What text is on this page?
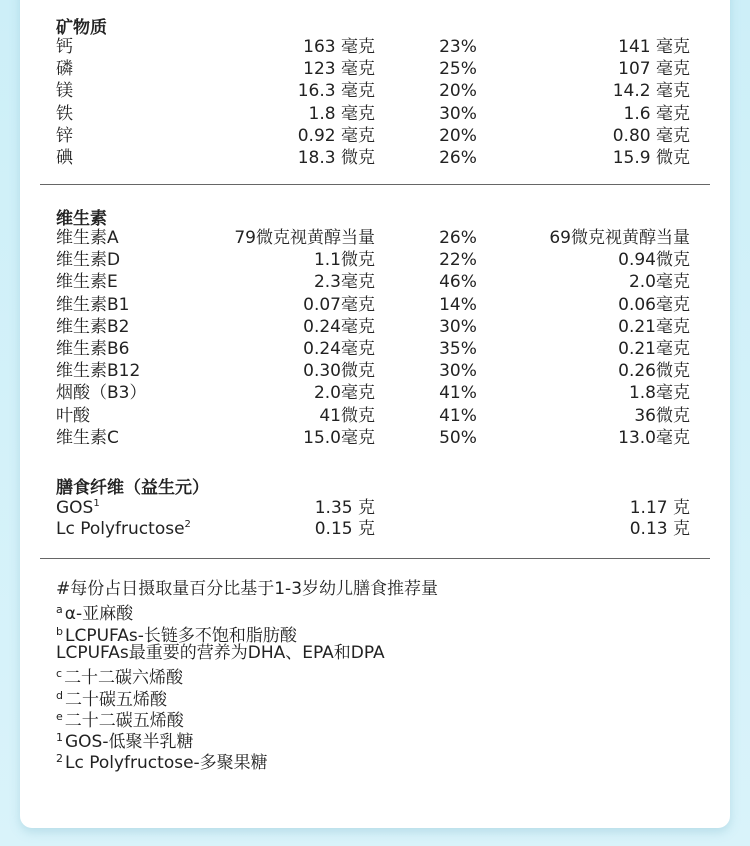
矿物质
维生素
膳食纤维（益生元）
#每份占日摄取量百分比基于1-3岁幼儿膳食推荐量
$^a$ α-亚麻酸
$^b$ LCPUFAs-长链多不饱和脂肪酸
LCPUFAs最重要的营养为DHA、EPA和DPA
$^c$ 二十二碳六烯酸
$^d$ 二十碳五烯酸
$^e$ 二十二碳五烯酸
$^1$ GOS-低聚半乳糖
$^2$ Lc Polyfructose-多聚果糖
钙	163 毫克	23%	141 毫克
磷	123 毫克	25%	107 毫克
镁	16.3 毫克	20%	14.2 毫克
铁	1.8 毫克	30%	1.6 毫克
锌	0.92 毫克	20%	0.80 毫克
碘	18.3 微克	26%	15.9 微克
维生素A	79微克视黄醇当量	26%	69微克视黄醇当量
维生素D	1.1微克	22%	0.94微克
维生素E	2.3毫克	46%	2.0毫克
维生素B1	0.07毫克	14%	0.06毫克
维生素B2	0.24毫克	30%	0.21毫克
维生素B6	0.24毫克	35%	0.21毫克
维生素B12	0.30微克	30%	0.26微克
烟酸（B3）	2.0毫克	41%	1.8毫克
叶酸	41微克	41%	36微克
维生素C	15.0毫克	50%	13.0毫克
GOS$^1$	1.35 克	1.17 克
Lc Polyfructose$^2$	0.15 克	0.13 克
